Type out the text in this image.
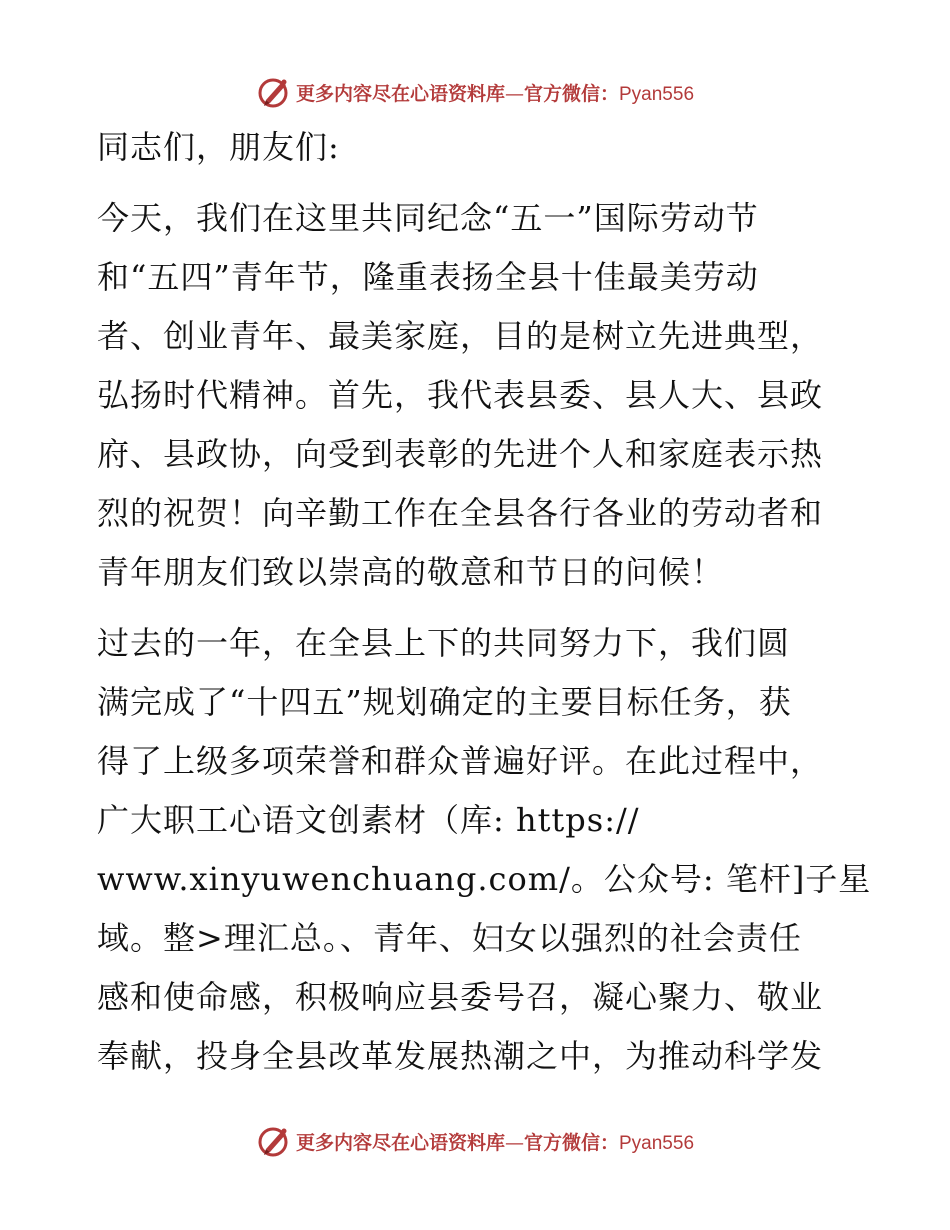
更多内容尽在心语资料库—官方微信：Pyan556
同志们，朋友们:
今天，我们在这里共同纪念“五一”国际劳动节
和“五四”青年节，隆重表扬全县十佳最美劳动
者、创业青年、最美家庭，目的是树立先进典型，
弘扬时代精神。首先，我代表县委、县人大、县政
府、县政协，向受到表彰的先进个人和家庭表示热
烈的祝贺！向辛勤工作在全县各行各业的劳动者和
青年朋友们致以崇高的敬意和节日的问候！
过去的一年，在全县上下的共同努力下，我们圆
满完成了“十四五”规划确定的主要目标任务，获
得了上级多项荣誉和群众普遍好评。在此过程中，
广大职工心语文创素材（库: https://
www.xinyuwenchuang.com/。公众号: 笔杆]子星
域。整>理汇总。、青年、妇女以强烈的社会责任
感和使命感，积极响应县委号召，凝心聚力、敬业
奉献，投身全县改革发展热潮之中，为推动科学发
更多内容尽在心语资料库—官方微信：Pyan556
